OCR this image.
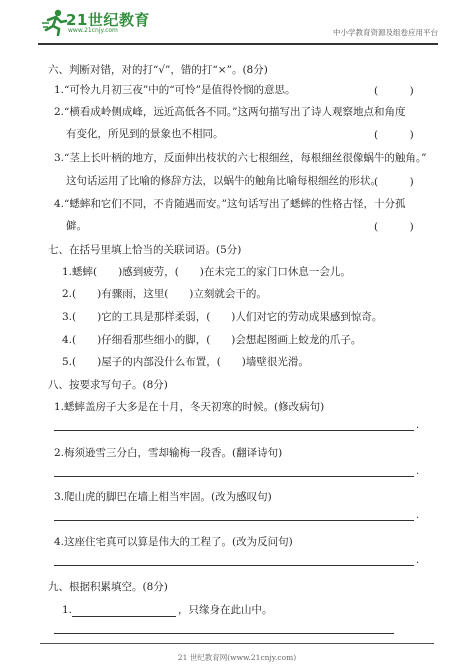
21世纪教育
www.21cnjy.com	中小学教育资源及组卷应用平台
六、判断对错，对的打“√”，错的打“×”。(8分)
1.“可怜九月初三夜”中的“可怜”是值得怜悯的意思。	(　　　)
2.“横看成岭侧成峰，远近高低各不同。”这两句描写出了诗人观察地点和角度
有变化，所见到的景象也不相同。	(　　　)
3.“茎上长叶柄的地方，反面伸出枝状的六七根细丝，每根细丝很像蜗牛的触角。”
这句话运用了比喻的修辞方法，以蜗牛的触角比喻每根细丝的形状。
(　　　)
4.“蟋蟀和它们不同，不肯随遇而安。”这句话写出了蟋蟀的性格古怪，十分孤
僻。	(　　　)
七、在括号里填上恰当的关联词语。(5分)
1.蟋蟀(　　)感到疲劳，(　　)在未完工的家门口休息一会儿。
2.(　　)有骤雨，这里(　　)立刻就会干的。
3.(　　)它的工具是那样柔弱，(　　)人们对它的劳动成果感到惊奇。
4.(　　)仔细看那些细小的脚，(　　)会想起图画上蛟龙的爪子。
5.(　　)屋子的内部没什么布置，(　　)墙壁很光滑。
八、按要求写句子。(8分)
1.蟋蟀盖房子大多是在十月，冬天初寒的时候。(修改病句)
.
2.梅须逊雪三分白，雪却输梅一段香。(翻译诗句)
.
3.爬山虎的脚巴在墙上相当牢固。(改为感叹句)
.
4.这座住宅真可以算是伟大的工程了。(改为反问句)
.
九、根据积累填空。(8分)
1.	，只缘身在此山中。
21 世纪教育网(www.21cnjy.com)
